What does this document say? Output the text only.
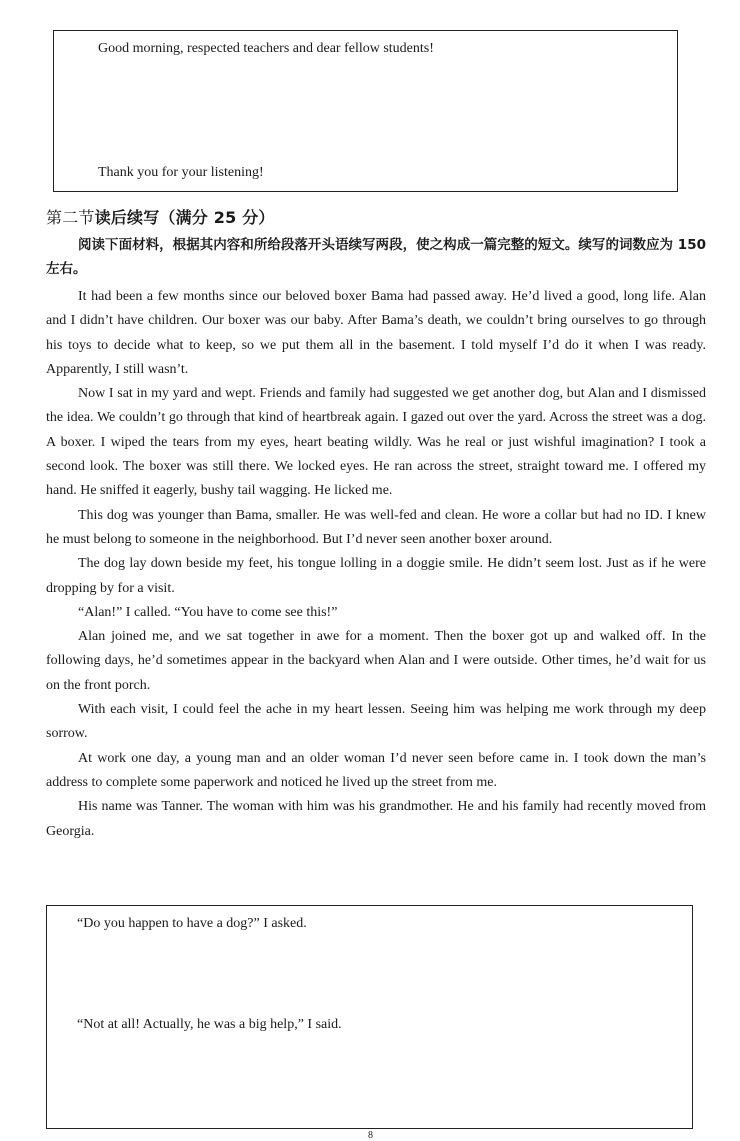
Good morning, respected teachers and dear fellow students!
Thank you for your listening!
第二节读后续写（满分 25 分）
阅读下面材料，根据其内容和所给段落开头语续写两段，使之构成一篇完整的短文。续写的词数应为 150 左右。

It had been a few months since our beloved boxer Bama had passed away. He’d lived a good, long life. Alan and I didn’t have children. Our boxer was our baby. After Bama’s death, we couldn’t bring ourselves to go through his toys to decide what to keep, so we put them all in the basement. I told myself I’d do it when I was ready. Apparently, I still wasn’t.

Now I sat in my yard and wept. Friends and family had suggested we get another dog, but Alan and I dismissed the idea. We couldn’t go through that kind of heartbreak again. I gazed out over the yard. Across the street was a dog. A boxer. I wiped the tears from my eyes, heart beating wildly. Was he real or just wishful imagination? I took a second look. The boxer was still there. We locked eyes. He ran across the street, straight toward me. I offered my hand. He sniffed it eagerly, bushy tail wagging. He licked me.

This dog was younger than Bama, smaller. He was well-fed and clean. He wore a collar but had no ID. I knew he must belong to someone in the neighborhood. But I’d never seen another boxer around.

The dog lay down beside my feet, his tongue lolling in a doggie smile. He didn’t seem lost. Just as if he were dropping by for a visit.

“Alan!” I called. “You have to come see this!”

Alan joined me, and we sat together in awe for a moment. Then the boxer got up and walked off. In the following days, he’d sometimes appear in the backyard when Alan and I were outside. Other times, he’d wait for us on the front porch.

With each visit, I could feel the ache in my heart lessen. Seeing him was helping me work through my deep sorrow.

At work one day, a young man and an older woman I’d never seen before came in. I took down the man’s address to complete some paperwork and noticed he lived up the street from me.

His name was Tanner. The woman with him was his grandmother. He and his family had recently moved from Georgia.

“Do you happen to have a dog?” I asked.
“Not at all! Actually, he was a big help,” I said.
8
